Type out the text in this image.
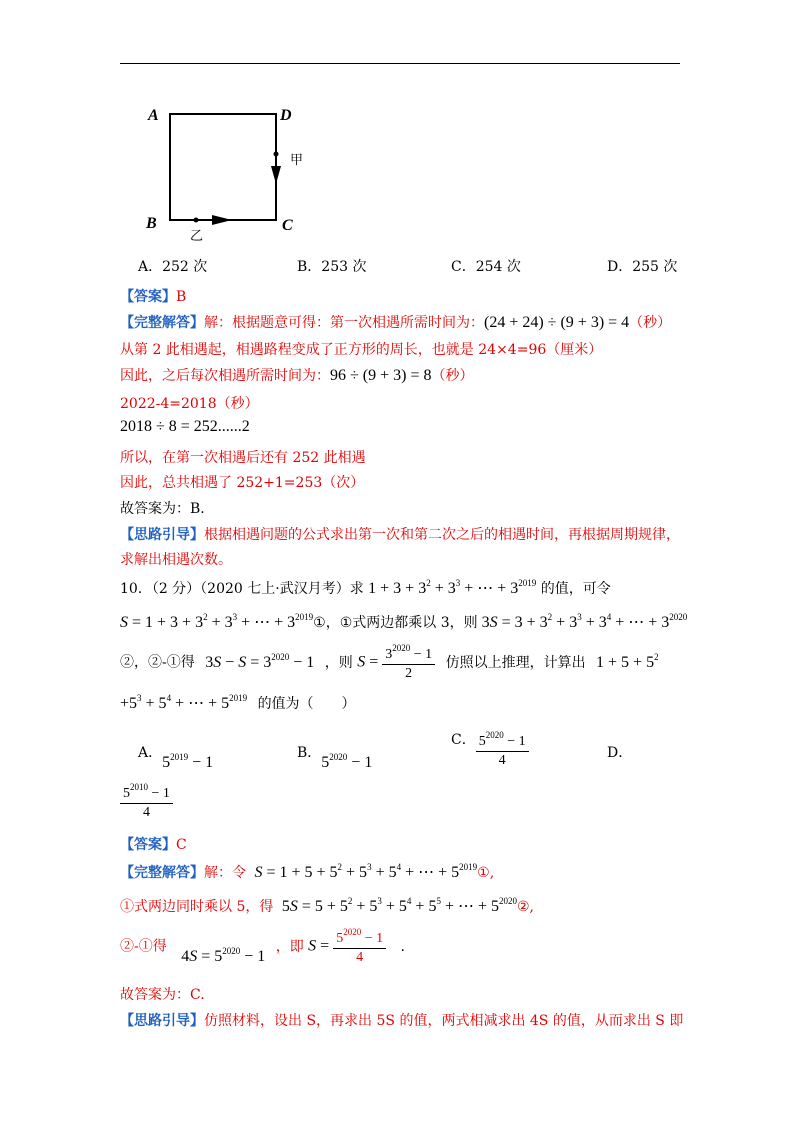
A	D
B	C
甲
乙
A．252 次	B．253 次	C．254 次	D．255 次
【答案】B
【完整解答】解：根据题意可得：第一次相遇所需时间为：(24 + 24) ÷ (9 + 3) = 4（秒）
从第 2 此相遇起，相遇路程变成了正方形的周长，也就是 24×4=96（厘米）
因此，之后每次相遇所需时间为：96 ÷ (9 + 3) = 8（秒）
2022-4=2018（秒）
2018 ÷ 8 = 252......2
所以，在第一次相遇后还有 252 此相遇
因此，总共相遇了 252+1=253（次）
故答案为：B.
【思路引导】根据相遇问题的公式求出第一次和第二次之后的相遇时间，再根据周期规律，
求解出相遇次数。
10．（2 分）（2020 七上·武汉月考）求 $1 + 3 + 3^2 + 3^3$ + ⋯ + $3^{2019}$ 的值，可令
$S = 1 + 3 + 3^2 + 3^3$ + ⋯ + $3^{2019}①$，①式两边都乘以 3，则 $3S = 3 + 3^2 + 3^3 + 3^4$ + ⋯ + $3^{2020}$
②，②-①得 $3S - S = 3^{2020} - 1$ ，则 $S = \frac{3^{2020} - 1}{2}$ 仿照以上推理，计算出 $1 + 5 + 5^2$
$+5^3 + 5^4$ + ⋯ + $5^{2019}$ 的值为（　　）
A．$5^{2019} - 1$
B．$5^{2020} - 1$
C． $\frac{5^{2020} - 1}{4}$	D．
$\frac{5^{2010} - 1}{4}$
【答案】C
【完整解答】解：令 $S = 1 + 5 + 5^2 + 5^3 + 5^4$ + ⋯ + $5^{2019}①$,
①式两边同时乘以 5，得 $5S = 5 + 5^2 + 5^3 + 5^4 + 5^5$ + ⋯ + $5^{2020}②$,
②-①得 $4S = 5^{2020} - 1$ ，即 $S = \frac{5^{2020} - 1}{4}$ .
故答案为：C.
【思路引导】仿照材料，设出 S，再求出 5S 的值，两式相减求出 4S 的值，从而求出 S 即
